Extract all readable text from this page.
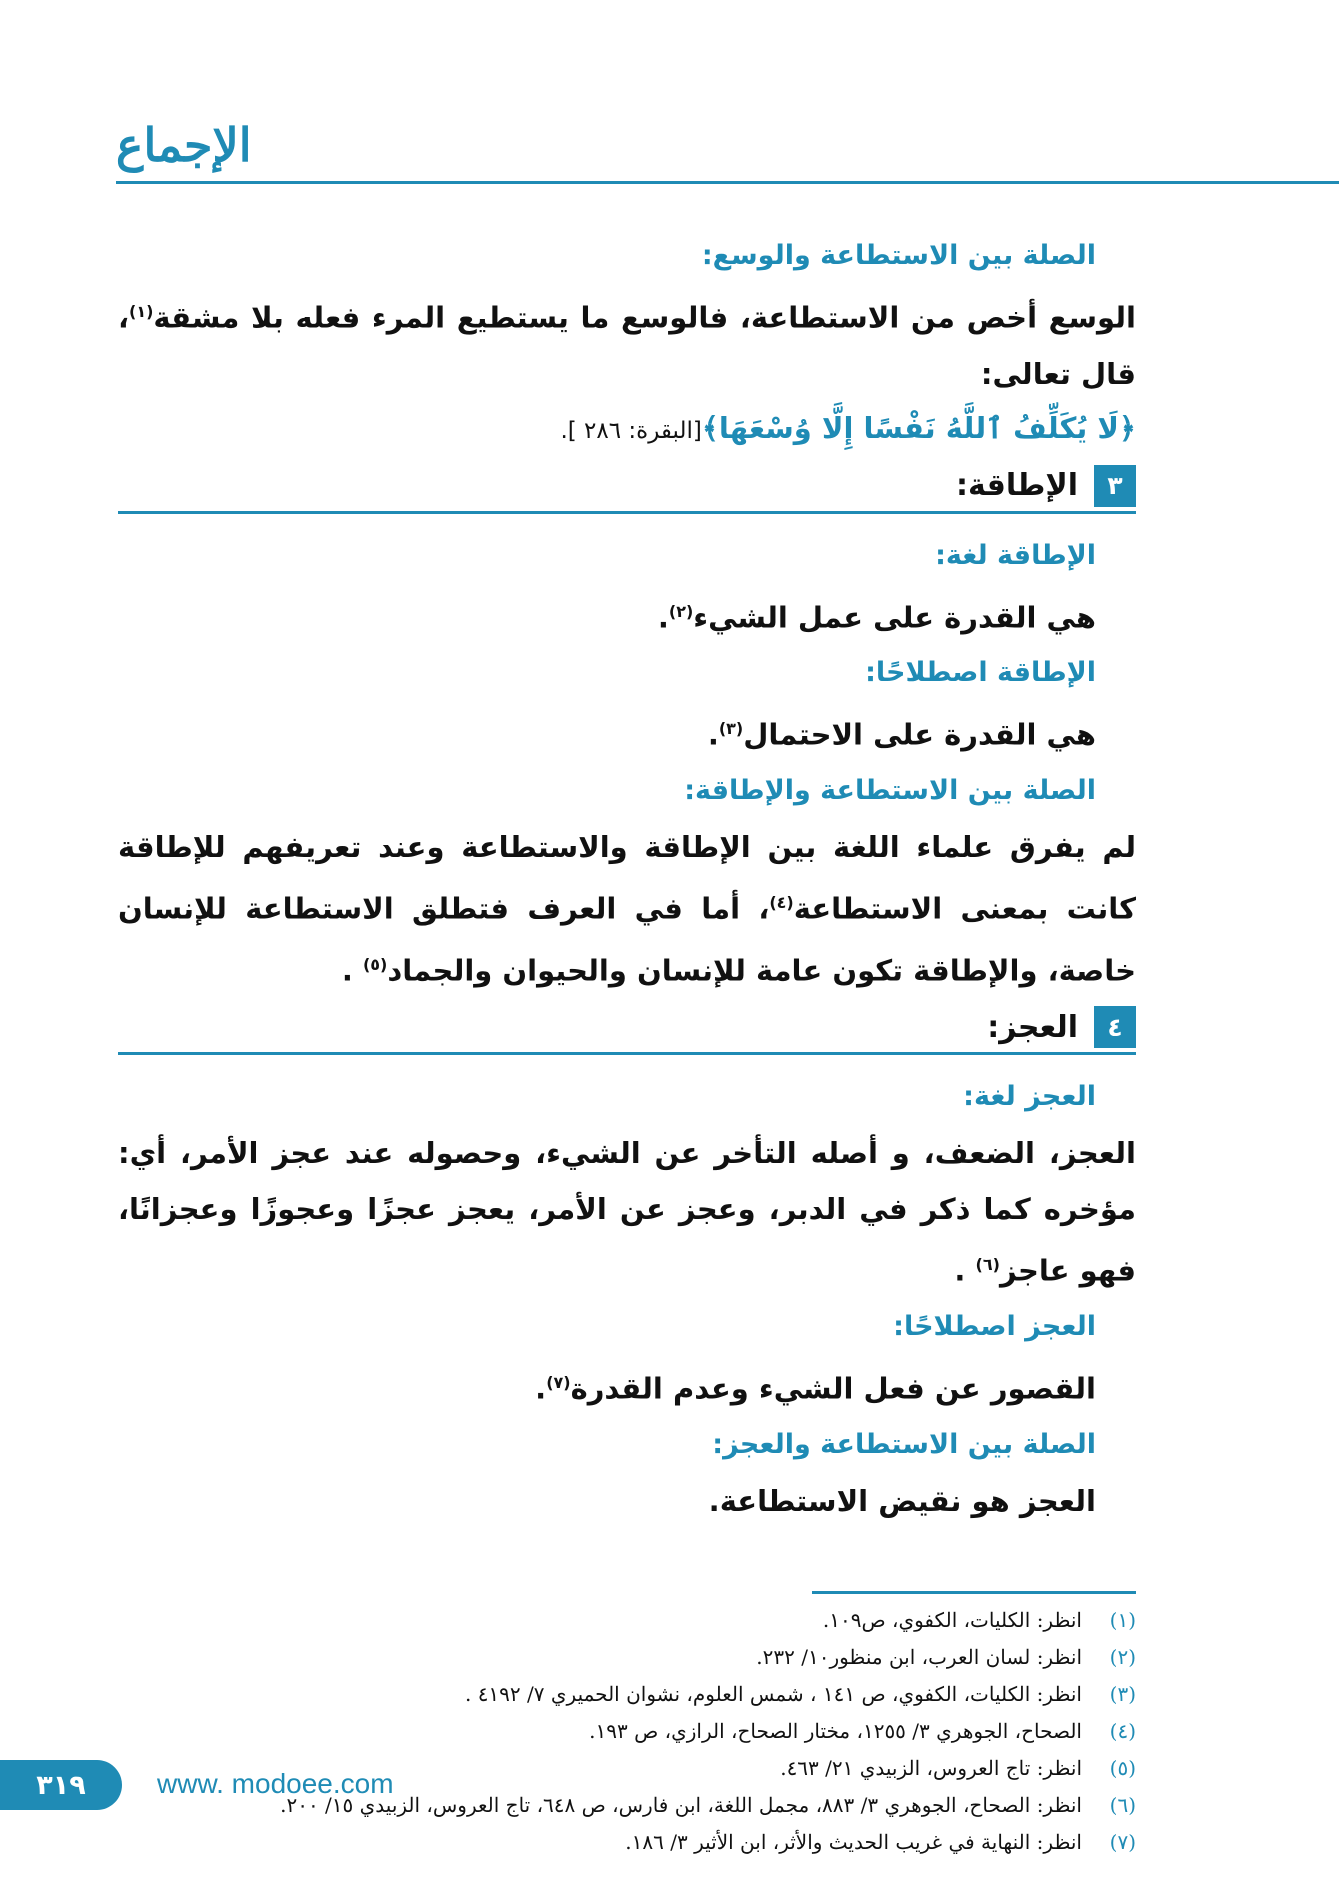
الإجماع
الصلة بين الاستطاعة والوسع:
الوسع أخص من الاستطاعة، فالوسع ما يستطيع المرء فعله بلا مشقة$^{(١)}$، قال تعالى:
﴿لَا يُكَلِّفُ ٱللَّهُ نَفْسًا إِلَّا وُسْعَهَا﴾[البقرة: ٢٨٦ ].
٣
الإطاقة:
الإطاقة لغة:
هي القدرة على عمل الشيء$^{(٢)}$.
الإطاقة اصطلاحًا:
هي القدرة على الاحتمال$^{(٣)}$.
الصلة بين الاستطاعة والإطاقة:
لم يفرق علماء اللغة بين الإطاقة والاستطاعة وعند تعريفهم للإطاقة كانت بمعنى الاستطاعة$^{(٤)}$، أما في العرف فتطلق الاستطاعة للإنسان خاصة، والإطاقة تكون عامة للإنسان والحيوان والجماد$^{(٥)}$ .
٤
العجز:
العجز لغة:
العجز، الضعف، و أصله التأخر عن الشيء، وحصوله عند عجز الأمر، أي: مؤخره كما ذكر في الدبر، وعجز عن الأمر، يعجز عجزًا وعجوزًا وعجزانًا، فهو عاجز$^{(٦)}$ .
العجز اصطلاحًا:
القصور عن فعل الشيء وعدم القدرة$^{(٧)}$.
الصلة بين الاستطاعة والعجز:
العجز هو نقيض الاستطاعة.
(١)
انظر: الكليات، الكفوي، ص١٠٩.
(٢)
انظر: لسان العرب، ابن منظور١٠/ ٢٣٢.
(٣)
انظر: الكليات، الكفوي، ص ١٤١ ، شمس العلوم، نشوان الحميري ٧/ ٤١٩٢ .
(٤)
الصحاح، الجوهري ٣/ ١٢٥٥، مختار الصحاح، الرازي، ص ١٩٣.
(٥)
انظر: تاج العروس، الزبيدي ٢١/ ٤٦٣.
(٦)
انظر: الصحاح، الجوهري ٣/ ٨٨٣، مجمل اللغة، ابن فارس، ص ٦٤٨، تاج العروس، الزبيدي ١٥/ ٢٠٠.
(٧)
انظر: النهاية في غريب الحديث والأثر، ابن الأثير ٣/ ١٨٦.
٣١٩	www. modoee.com
